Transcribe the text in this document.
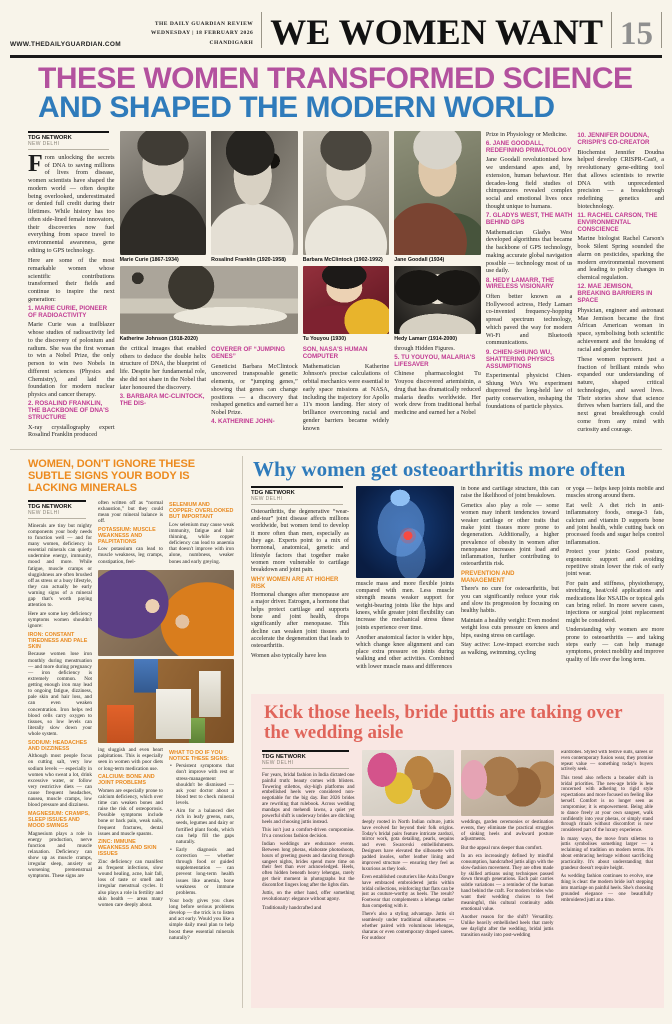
WWW.THEDAILYGUARDIAN.COM
THE DAILY GUARDIAN REVIEW
WEDNESDAY | 18 FEBRUARY 2026
CHANDIGARH WE WOMEN WANT 15
THESE WOMEN TRANSFORMED SCIENCE
AND SHAPED THE MODERN WORLD
TDG NETWORK
NEW DELHI

From unlocking the secrets of DNA to saving millions of lives from disease, women scientists have shaped the modern world — often despite being overlooked, underestimated or denied full credit during their lifetimes. While history has too often side-lined female innovators, their discoveries now fuel everything from space travel to environmental awareness, gene editing to GPS technology.

Here are some of the most remarkable women whose scientific contributions transformed their fields and continue to inspire the next generation:

1. MARIE CURIE, PIONEER OF RADIOACTIVITY

Marie Curie was a trailblazer whose studies of radioactivity led to the discovery of polonium and radium. She was the first woman to win a Nobel Prize, the only person to win two Nobels in different sciences (Physics and Chemistry), and laid the foundation for modern nuclear physics and cancer therapy.

2. ROSALIND FRANKLIN, THE BACKBONE OF DNA'S STRUCTURE

X-ray crystallography expert Rosalind Franklin produced

Marie Curie (1867-1934)	Rosalind Franklin (1920-1958)	Barbara McClintock (1902-1992)	Jane Goodall (1934)
Katherine Johnson (1918-2020)	Tu Youyou (1930)	Hedy Lamarr (1914-2000)

the critical images that enabled others to deduce the double helix structure of DNA, the blueprint of life. Despite her fundamental role, she did not share in the Nobel that later honoured the discovery.

3. BARBARA MC-CLINTOCK, THE DIS-
COVERER OF “JUMPING GENES”

Geneticist Barbara McClintock uncovered transposable genetic elements, or “jumping genes,” showing that genes can change positions — a discovery that reshaped genetics and earned her a Nobel Prize.

4. KATHERINE JOHN-
SON, NASA'S HUMAN COMPUTER

Mathematician Katherine Johnson's precise calculations of orbital mechanics were essential to early space missions at NASA, including the trajectory for Apollo 11's moon landing. Her story of brilliance overcoming racial and gender barriers became widely known

through Hidden Figures.

5. TU YOUYOU, MALARIA'S LIFESAVER

Chinese pharmacologist Tu Youyou discovered artemisinin, a drug that has dramatically reduced malaria deaths worldwide. Her work drew from traditional herbal medicine and earned her a Nobel

Prize in Physiology or Medicine.

6. JANE GOODALL, REDEFINING PRIMATOLOGY

Jane Goodall revolutionised how we understand apes and, by extension, human behaviour. Her decades-long field studies of chimpanzees revealed complex social and emotional lives once thought unique to humans.

7. GLADYS WEST, THE MATH BEHIND GPS

Mathematician Gladys West developed algorithms that became the backbone of GPS technology, making accurate global navigation possible — technology most of us use daily.

8. HEDY LAMARR, THE WIRELESS VISIONARY

Often better known as a Hollywood actress, Hedy Lamarr co-invented frequency-hopping spread spectrum technology, which paved the way for modern Wi-Fi and Bluetooth communications.

9. CHIEN-SHIUNG WU, SHATTERING PHYSICS ASSUMPTIONS

Experimental physicist Chien-Shiung Wu's Wu experiment disproved the long-held law of parity conservation, reshaping the foundations of particle physics.

10. JENNIFER DOUDNA, CRISPR'S CO-CREATOR

Biochemist Jennifer Doudna helped develop CRISPR-Cas9, a revolutionary gene-editing tool that allows scientists to rewrite DNA with unprecedented precision — a breakthrough redefining genetics and biotechnology.

11. RACHEL CARSON, THE ENVIRONMENTAL CONSCIENCE

Marine biologist Rachel Carson's book Silent Spring sounded the alarm on pesticides, sparking the modern environmental movement and leading to policy changes in chemical regulation.

12. MAE JEMISON, BREAKING BARRIERS IN SPACE

Physician, engineer and astronaut Mae Jemison became the first African American woman in space, symbolising both scientific achievement and the breaking of racial and gender barriers.

These women represent just a fraction of brilliant minds who expanded our understanding of nature, shaped critical technologies, and saved lives. Their stories show that science thrives when barriers fall, and the next great breakthrough could come from any mind with curiosity and courage.

WOMEN, DON'T IGNORE THESE SUBTLE SIGNS YOUR BODY IS LACKING MINERALS
TDG NETWORK
NEW DELHI

Minerals are tiny but mighty components your body needs to function well — and for many women, deficiency in essential minerals can quietly undermine energy, immunity, mood and more. While fatigue, muscle cramps or sluggishness are often brushed off as stress or a busy lifestyle, they can actually be early warning signs of a mineral gap that's worth paying attention to.

Here are some key deficiency symptoms women shouldn't ignore:

IRON: CONSTANT TIREDNESS AND PALE SKIN

Because women lose iron monthly during menstruation — and more during pregnancy — iron deficiency is extremely common. Not getting enough iron may lead to ongoing fatigue, dizziness, pale skin and hair loss, and can even weaken concentration. Iron helps red blood cells carry oxygen to tissues, so low levels can literally slow down your whole system.

SODIUM: HEADACHES AND DIZZINESS

Although most people focus on cutting salt, very low sodium levels — especially in women who sweat a lot, drink excessive water, or follow very restrictive diets — can cause frequent headaches, nausea, muscle cramps, low blood pressure and dizziness.

MAGNESIUM: CRAMPS, SLEEP ISSUES AND MOOD SWINGS

Magnesium plays a role in energy production, nerve function and muscle relaxation. Deficiency can show up as muscle cramps, irregular sleep, anxiety or worsening premenstrual symptoms. These signs are

often written off as “normal exhaustion,” but they could mean your mineral balance is off.

POTASSIUM: MUSCLE WEAKNESS AND PALPITATIONS

Low potassium can lead to muscle weakness, leg cramps, constipation, feel-

SELENIUM AND COPPER: OVERLOOKED BUT IMPORTANT

Low selenium may cause weak immunity, fatigue and hair thinning, while copper deficiency can lead to anaemia that doesn't improve with iron alone, numbness, weaker bones and early greying.

ing sluggish and even heart palpitations. This is especially seen in women with poor diets or long-term medication use.

CALCIUM: BONE AND JOINT PROBLEMS

Women are especially prone to calcium deficiency, which over time can weaken bones and raise the risk of osteoporosis. Possible symptoms include bone or back pain, weak nails, frequent fractures, dental issues and muscle spasms.

ZINC: IMMUNE WEAKNESS AND SKIN ISSUES

Zinc deficiency can manifest as frequent infections, slow wound healing, acne, hair fall, loss of taste or smell and irregular menstrual cycles. It also plays a role in fertility and skin health — areas many women care deeply about.

WHAT TO DO IF YOU NOTICE THESE SIGNS:

• Persistent symptoms that don't improve with rest or stress-management shouldn't be dismissed — ask your doctor about a blood test to check mineral levels.

• Aim for a balanced diet rich in leafy greens, nuts, seeds, legumes and dairy or fortified plant foods, which can help fill the gaps naturally.

• Early diagnosis and correction — whether through food or guided supplementation — can prevent long-term health issues like anemia, bone weakness or immune problems.

Your body gives you clues long before serious problems develop — the trick is to listen and act early. Would you like a simple daily meal plan to help boost these essential minerals naturally?

Why women get osteoarthritis more often
TDG NETWORK
NEW DELHI

Osteoarthritis, the degenerative “wear-and-tear” joint disease affects millions worldwide, but women tend to develop it more often than men, especially as they age. Experts point to a mix of hormonal, anatomical, genetic and lifestyle factors that together make women more vulnerable to cartilage breakdown and joint pain.

WHY WOMEN ARE AT HIGHER RISK

Hormonal changes after menopause are a major driver. Estrogen, a hormone that helps protect cartilage and supports bone and joint health, drops significantly after menopause. This decline can weaken joint tissues and accelerate the degeneration that leads to osteoarthritis.

Women also typically have less

muscle mass and more flexible joints compared with men. Less muscle strength means weaker support for weight-bearing joints like the hips and knees, while greater joint flexibility can increase the mechanical stress these joints experience over time.

Another anatomical factor is wider hips, which change knee alignment and can place extra pressure on joints during walking and other activities. Combined with lower muscle mass and differences

in bone and cartilage structure, this can raise the likelihood of joint breakdown.

Genetics also play a role — some women may inherit tendencies toward weaker cartilage or other traits that make joint tissues more prone to degeneration. Additionally, a higher prevalence of obesity in women after menopause increases joint load and inflammation, further contributing to osteoarthritis risk.

PREVENTION AND MANAGEMENT

There's no cure for osteoarthritis, but you can significantly reduce your risk and slow its progression by focusing on healthy habits.

Maintain a healthy weight: Even modest weight loss cuts pressure on knees and hips, easing stress on cartilage.

Stay active: Low-impact exercise such as walking, swimming, cycling

or yoga — helps keep joints mobile and muscles strong around them.

Eat well: A diet rich in anti-inflammatory foods, omega-3 fats, calcium and vitamin D supports bone and joint health, while cutting back on processed foods and sugar helps control inflammation.

Protect your joints: Good posture, ergonomic support and avoiding repetitive strain lower the risk of early joint wear.

For pain and stiffness, physiotherapy, stretching, heat/cold applications and medications like NSAIDs or topical gels can bring relief. In more severe cases, injections or surgical joint replacement might be considered.

Understanding why women are more prone to osteoarthritis — and taking steps early — can help manage symptoms, protect mobility and improve quality of life over the long term.

Kick those heels, bride juttis are taking over the wedding aisle
TDG NETWORK
NEW DELHI

For years, bridal fashion in India dictated one painful truth: beauty comes with blisters. Towering stilettos, sky-high platforms and embellished heels were considered non-negotiable for the big day. But 2026 brides are rewriting that rulebook. Across wedding mandaps and mehendi lawns, a quiet yet powerful shift is underway brides are ditching heels and choosing juttis instead.

This isn't just a comfort-driven compromise. It's a conscious fashion decision.

Indian weddings are endurance events. Between long pheras, elaborate photoshoots, hours of greeting guests and dancing through sangeet nights, brides spend more time on their feet than ever acknowledged. Heels, often hidden beneath heavy lehengas, rarely get their moment in photographs but the discomfort lingers long after the lights dim.

Juttis, on the other hand, offer something revolutionary: elegance without agony.

Traditionally handcrafted and

deeply rooted in North Indian culture, juttis have evolved far beyond their folk origins. Today's bridal pairs feature intricate zardozi, mirror work, gota detailing, pearls, sequins and even Swarovski embellishments. Designers have elevated the silhouette with padded insoles, softer leather lining and improved structure — ensuring they feel as luxurious as they look.

Even established couturiers like Anita Dongre have embraced embroidered juttis within bridal collections, reinforcing that flats can be just as couture-worthy as heels. The result? Footwear that complements a lehenga rather than competing with it.

There's also a styling advantage. Juttis sit seamlessly under traditional silhouettes — whether paired with voluminous lehengas, shararas or even contemporary draped sarees. For outdoor

weddings, garden ceremonies or destination events, they eliminate the practical struggles of sinking heels and awkward posture adjustments.

But the appeal runs deeper than comfort.

In an era increasingly defined by mindful consumption, handcrafted juttis align with the slow-fashion movement. They are often made by skilled artisans using techniques passed down through generations. Each pair carries subtle variations — a reminder of the human hand behind the craft. For modern brides who want their wedding choices to feel meaningful, this cultural continuity adds emotional value.

Another reason for the shift? Versatility. Unlike heavily embellished heels that rarely see daylight after the wedding, bridal juttis transition easily into post-wedding

wardrobes. Styled with festive suits, sarees or even contemporary fusion wear, they promise repeat value — something today's buyers actively seek.

This trend also reflects a broader shift in bridal priorities. The new-age bride is less concerned with adhering to rigid style expectations and more focused on feeling like herself. Comfort is no longer seen as compromise; it is empowerment. Being able to dance freely at your own sangeet, walk confidently into your pheras, or simply stand through rituals without discomfort is now considered part of the luxury experience.

In many ways, the move from stilettos to juttis symbolises something larger — a reclaiming of tradition on modern terms. It's about embracing heritage without sacrificing practicality. It's about understanding that grandeur doesn't require height.

As wedding fashion continues to evolve, one thing is clear: the modern bride isn't stepping into marriage on painful heels. She's choosing grounded elegance — one beautifully embroidered jutti at a time.
